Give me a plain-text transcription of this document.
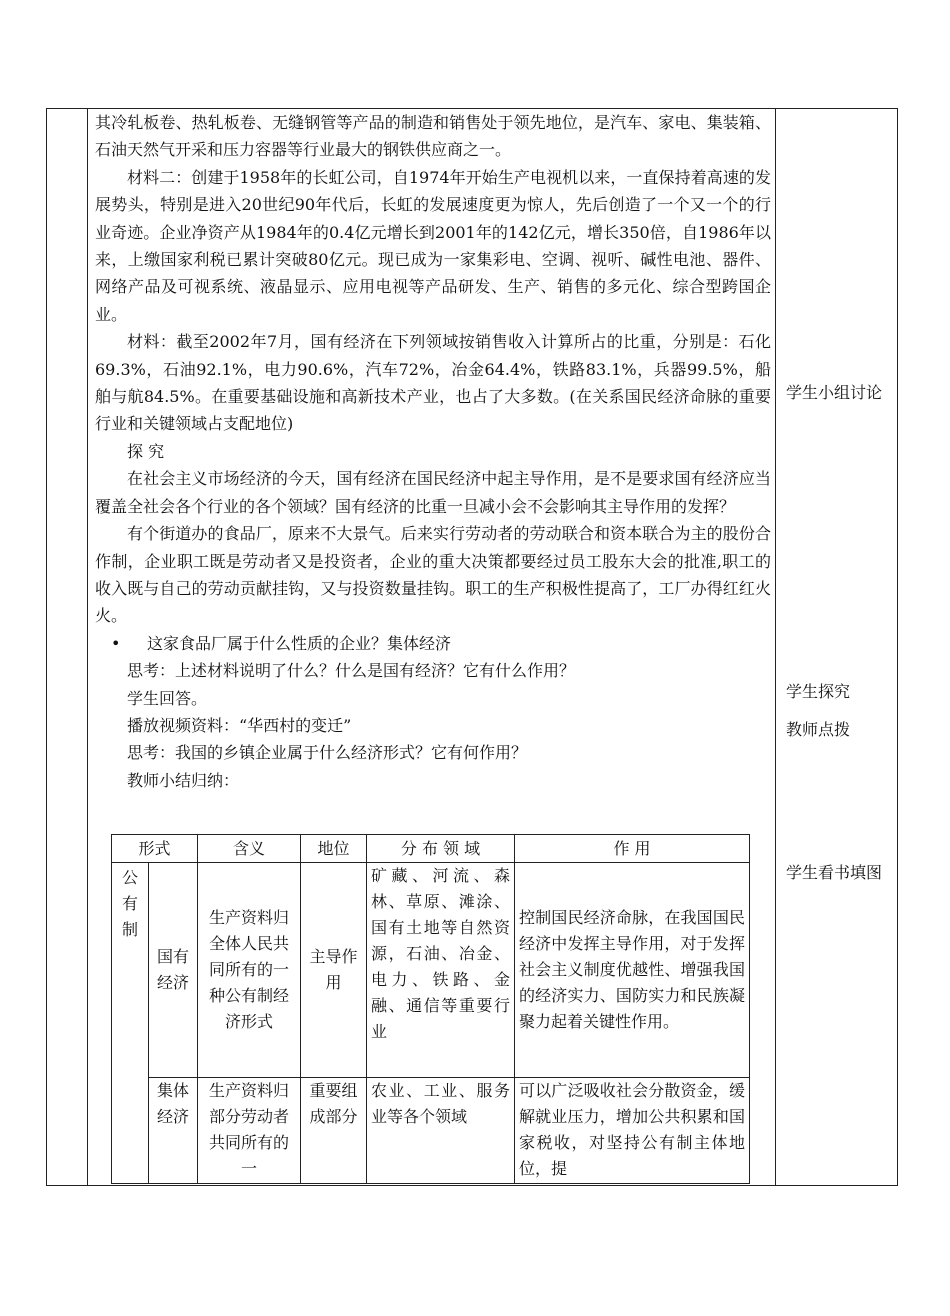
其冷轧板卷、热轧板卷、无缝钢管等产品的制造和销售处于领先地位，是汽车、家电、集装箱、石油天然气开采和压力容器等行业最大的钢铁供应商之一。

材料二：创建于1958年的长虹公司，自1974年开始生产电视机以来，一直保持着高速的发展势头，特别是进入20世纪90年代后，长虹的发展速度更为惊人，先后创造了一个又一个的行业奇迹。企业净资产从1984年的0.4亿元增长到2001年的142亿元，增长350倍，自1986年以来，上缴国家利税已累计突破80亿元。现已成为一家集彩电、空调、视听、碱性电池、器件、网络产品及可视系统、液晶显示、应用电视等产品研发、生产、销售的多元化、综合型跨国企业。

材料：截至2002年7月，国有经济在下列领域按销售收入计算所占的比重，分别是：石化69.3%，石油92.1%，电力90.6%，汽车72%，冶金64.4%，铁路83.1%，兵器99.5%，船舶与航84.5%。在重要基础设施和高新技术产业，也占了大多数。(在关系国民经济命脉的重要行业和关键领域占支配地位)

探 究

在社会主义市场经济的今天，国有经济在国民经济中起主导作用，是不是要求国有经济应当覆盖全社会各个行业的各个领域？国有经济的比重一旦减小会不会影响其主导作用的发挥？

有个街道办的食品厂，原来不大景气。后来实行劳动者的劳动联合和资本联合为主的股份合作制，企业职工既是劳动者又是投资者，企业的重大决策都要经过员工股东大会的批准,职工的收入既与自己的劳动贡献挂钩，又与投资数量挂钩。职工的生产积极性提高了，工厂办得红红火火。

• 这家食品厂属于什么性质的企业？集体经济

思考：上述材料说明了什么？什么是国有经济？它有什么作用？

学生回答。

播放视频资料：“华西村的变迁”

思考：我国的乡镇企业属于什么经济形式？它有何作用？

教师小结归纳：

学生小组讨论
学生探究
教师点拨
学生看书填图
形式		含义	地位	分 布 领 域	作 用
公有制	国有经济	生产资料归全体人民共同所有的一种公有制经济形式	主导作用	矿藏、河流、森林、草原、滩涂、国有土地等自然资源，石油、冶金、电力、铁路、金融、通信等重要行业	控制国民经济命脉，在我国国民经济中发挥主导作用，对于发挥社会主义制度优越性、增强我国的经济实力、国防实力和民族凝聚力起着关键性作用。
	集体经济	生产资料归部分劳动者共同所有的一	重要组成部分	农业、工业、服务业等各个领域	可以广泛吸收社会分散资金，缓解就业压力，增加公共积累和国家税收，对坚持公有制主体地位，提
